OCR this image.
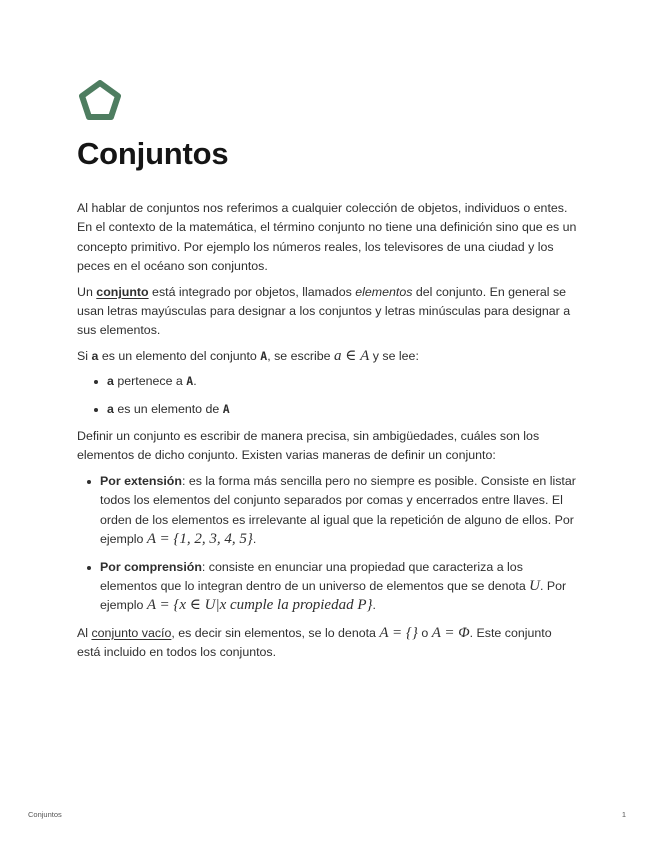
Conjuntos

Al hablar de conjuntos nos referimos a cualquier colección de objetos, individuos o entes. En el contexto de la matemática, el término conjunto no tiene una definición sino que es un concepto primitivo. Por ejemplo los números reales, los televisores de una ciudad y los peces en el océano son conjuntos.

Un conjunto está integrado por objetos, llamados elementos del conjunto. En general se usan letras mayúsculas para designar a los conjuntos y letras minúsculas para designar a sus elementos.

Si a es un elemento del conjunto A, se escribe a ∈ A y se lee:

a pertenece a A.
a es un elemento de A

Definir un conjunto es escribir de manera precisa, sin ambigüedades, cuáles son los elementos de dicho conjunto. Existen varias maneras de definir un conjunto:

Por extensión: es la forma más sencilla pero no siempre es posible. Consiste en listar todos los elementos del conjunto separados por comas y encerrados entre llaves. El orden de los elementos es irrelevante al igual que la repetición de alguno de ellos. Por ejemplo A = {1, 2, 3, 4, 5}.
Por comprensión: consiste en enunciar una propiedad que caracteriza a los elementos que lo integran dentro de un universo de elementos que se denota U. Por ejemplo A = {x ∈ U|x cumple la propiedad P}.

Al conjunto vacío, es decir sin elementos, se lo denota A = {} o A = Φ. Este conjunto está incluido en todos los conjuntos.

Conjuntos	1
